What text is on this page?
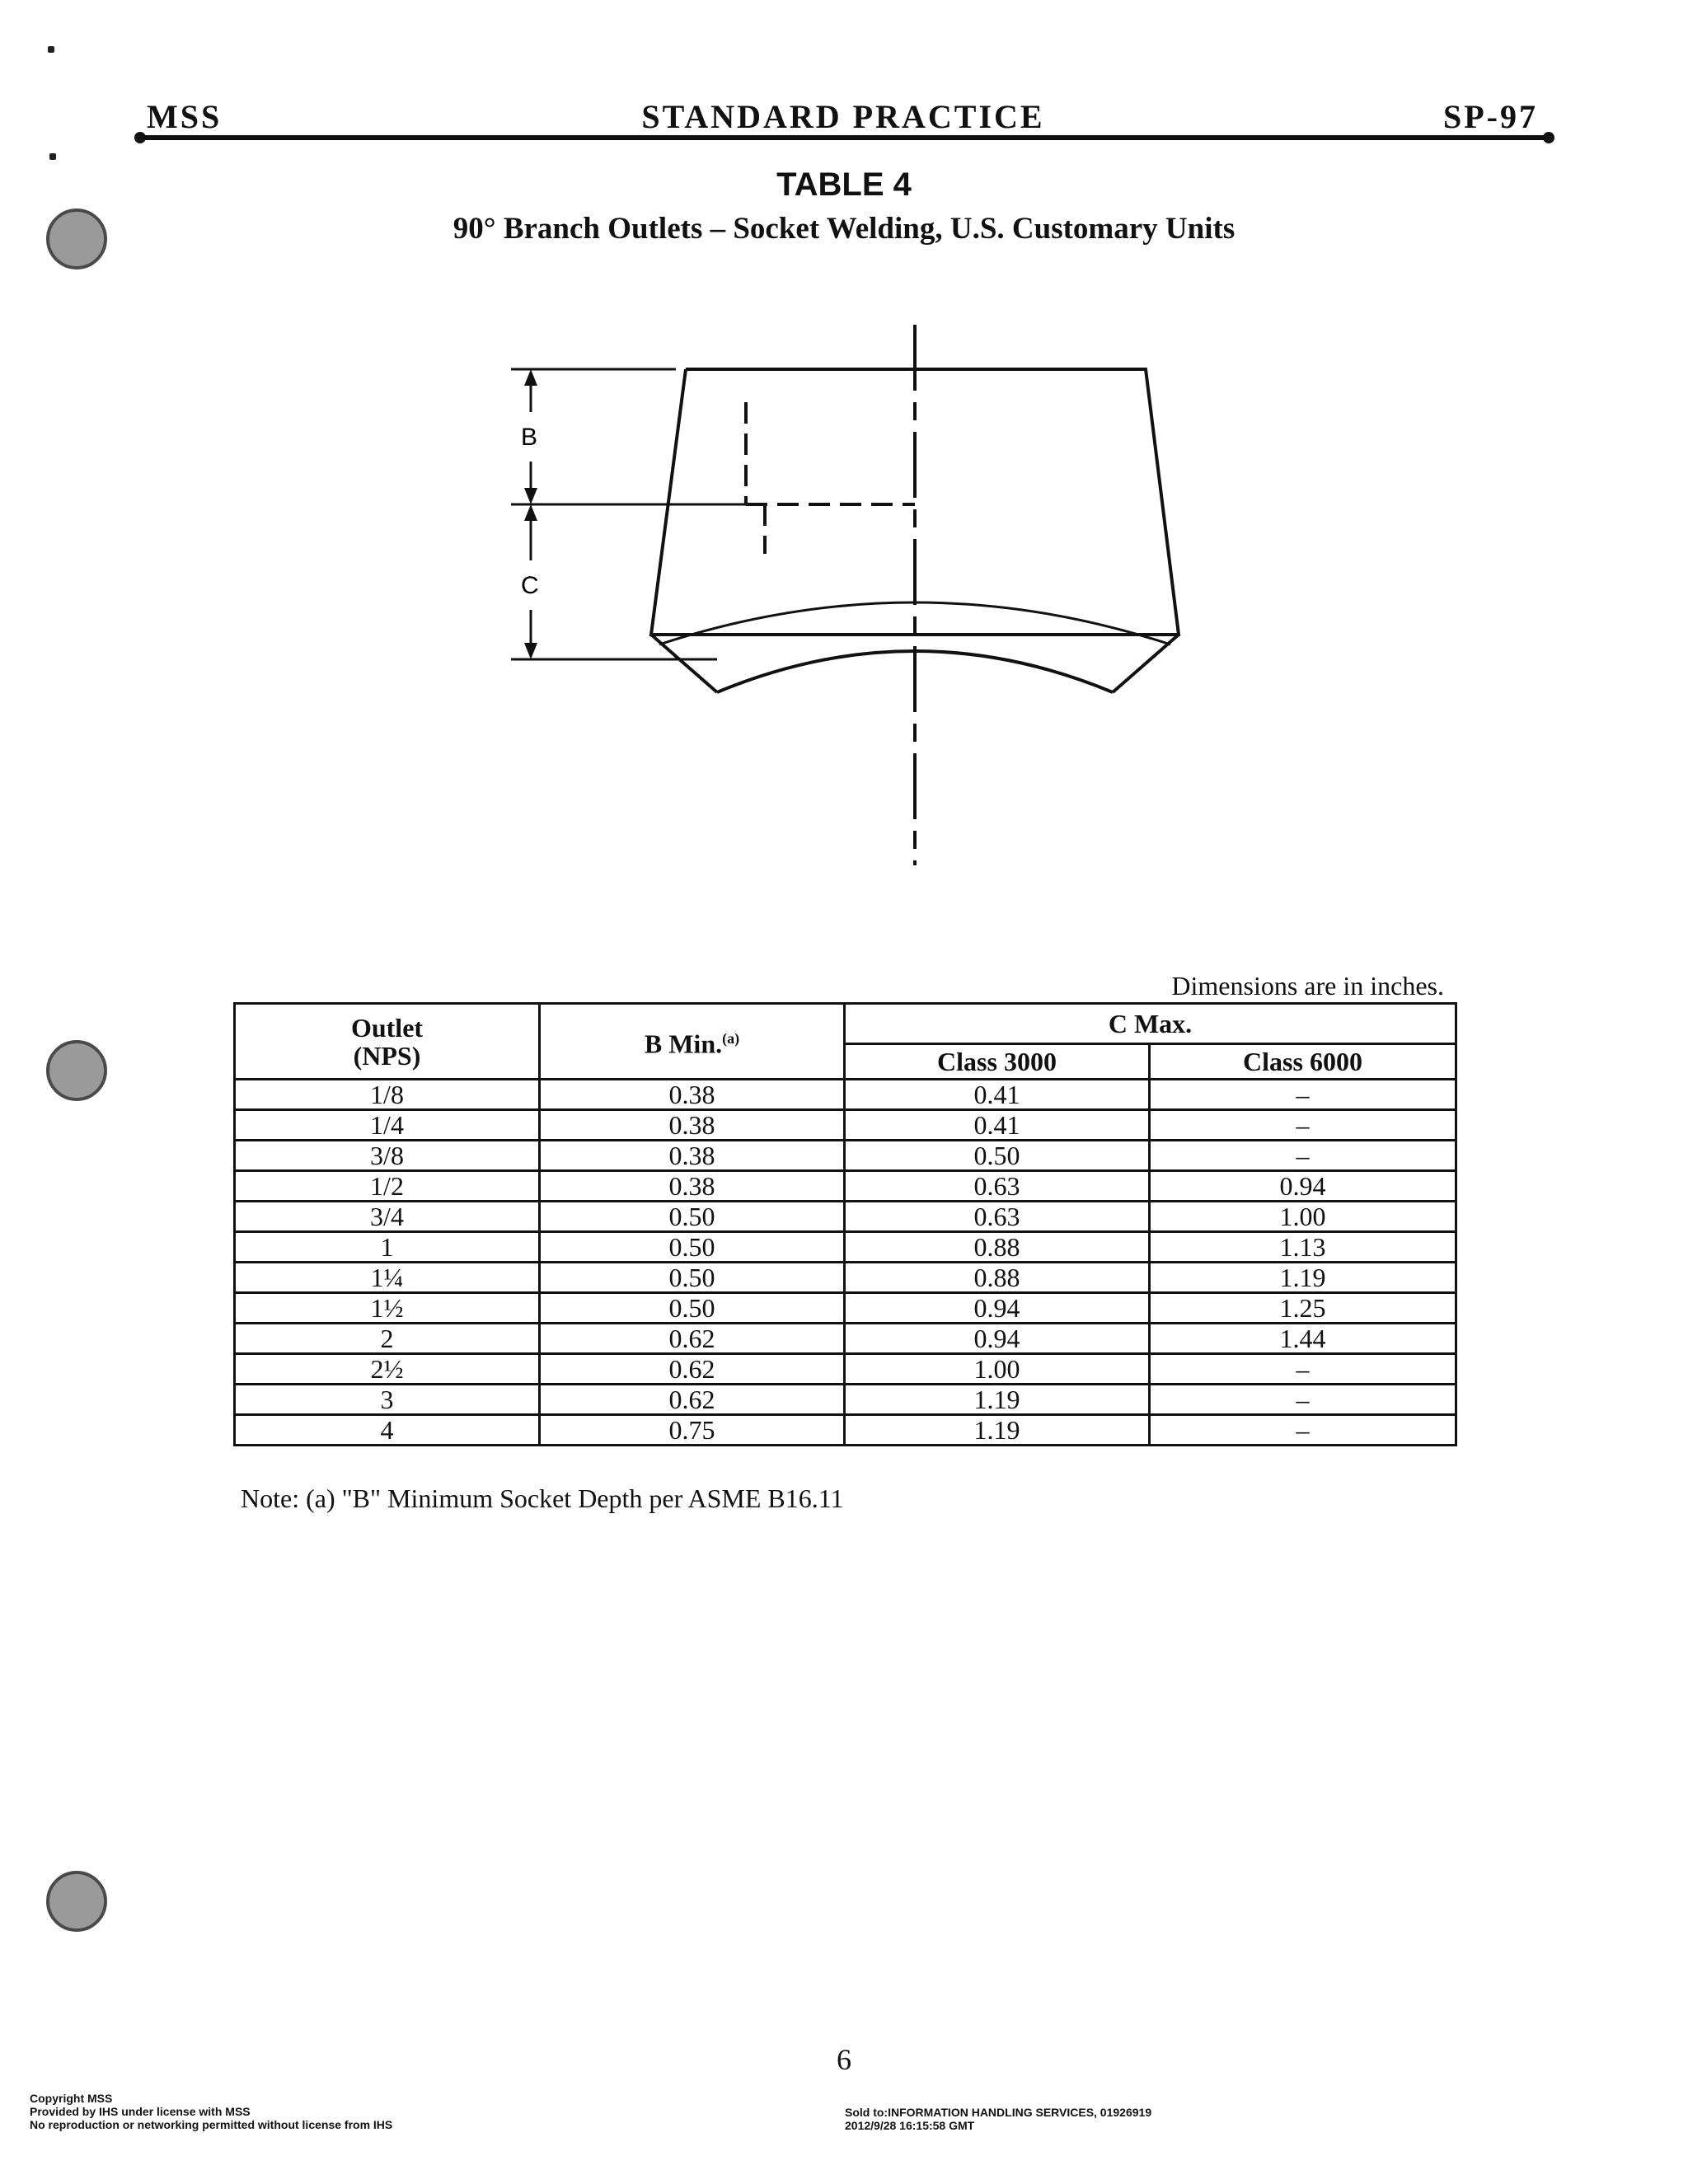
MSS	STANDARD PRACTICE	SP-97
TABLE 4
90° Branch Outlets – Socket Welding, U.S. Customary Units
B
C
Dimensions are in inches.
Outlet
(NPS)	B Min.$^{(a)}$	C Max.	
		Class 3000	Class 6000
1/8	0.38	0.41	–
1/4	0.38	0.41	–
3/8	0.38	0.50	–
1/2	0.38	0.63	0.94
3/4	0.50	0.63	1.00
1	0.50	0.88	1.13
1¼	0.50	0.88	1.19
1½	0.50	0.94	1.25
2	0.62	0.94	1.44
2½	0.62	1.00	–
3	0.62	1.19	–
4	0.75	1.19	–
Note: (a) "B" Minimum Socket Depth per ASME B16.11
6
Copyright MSS
Provided by IHS under license with MSS
No reproduction or networking permitted without license from IHS
Sold to:INFORMATION HANDLING SERVICES, 01926919
2012/9/28 16:15:58 GMT
